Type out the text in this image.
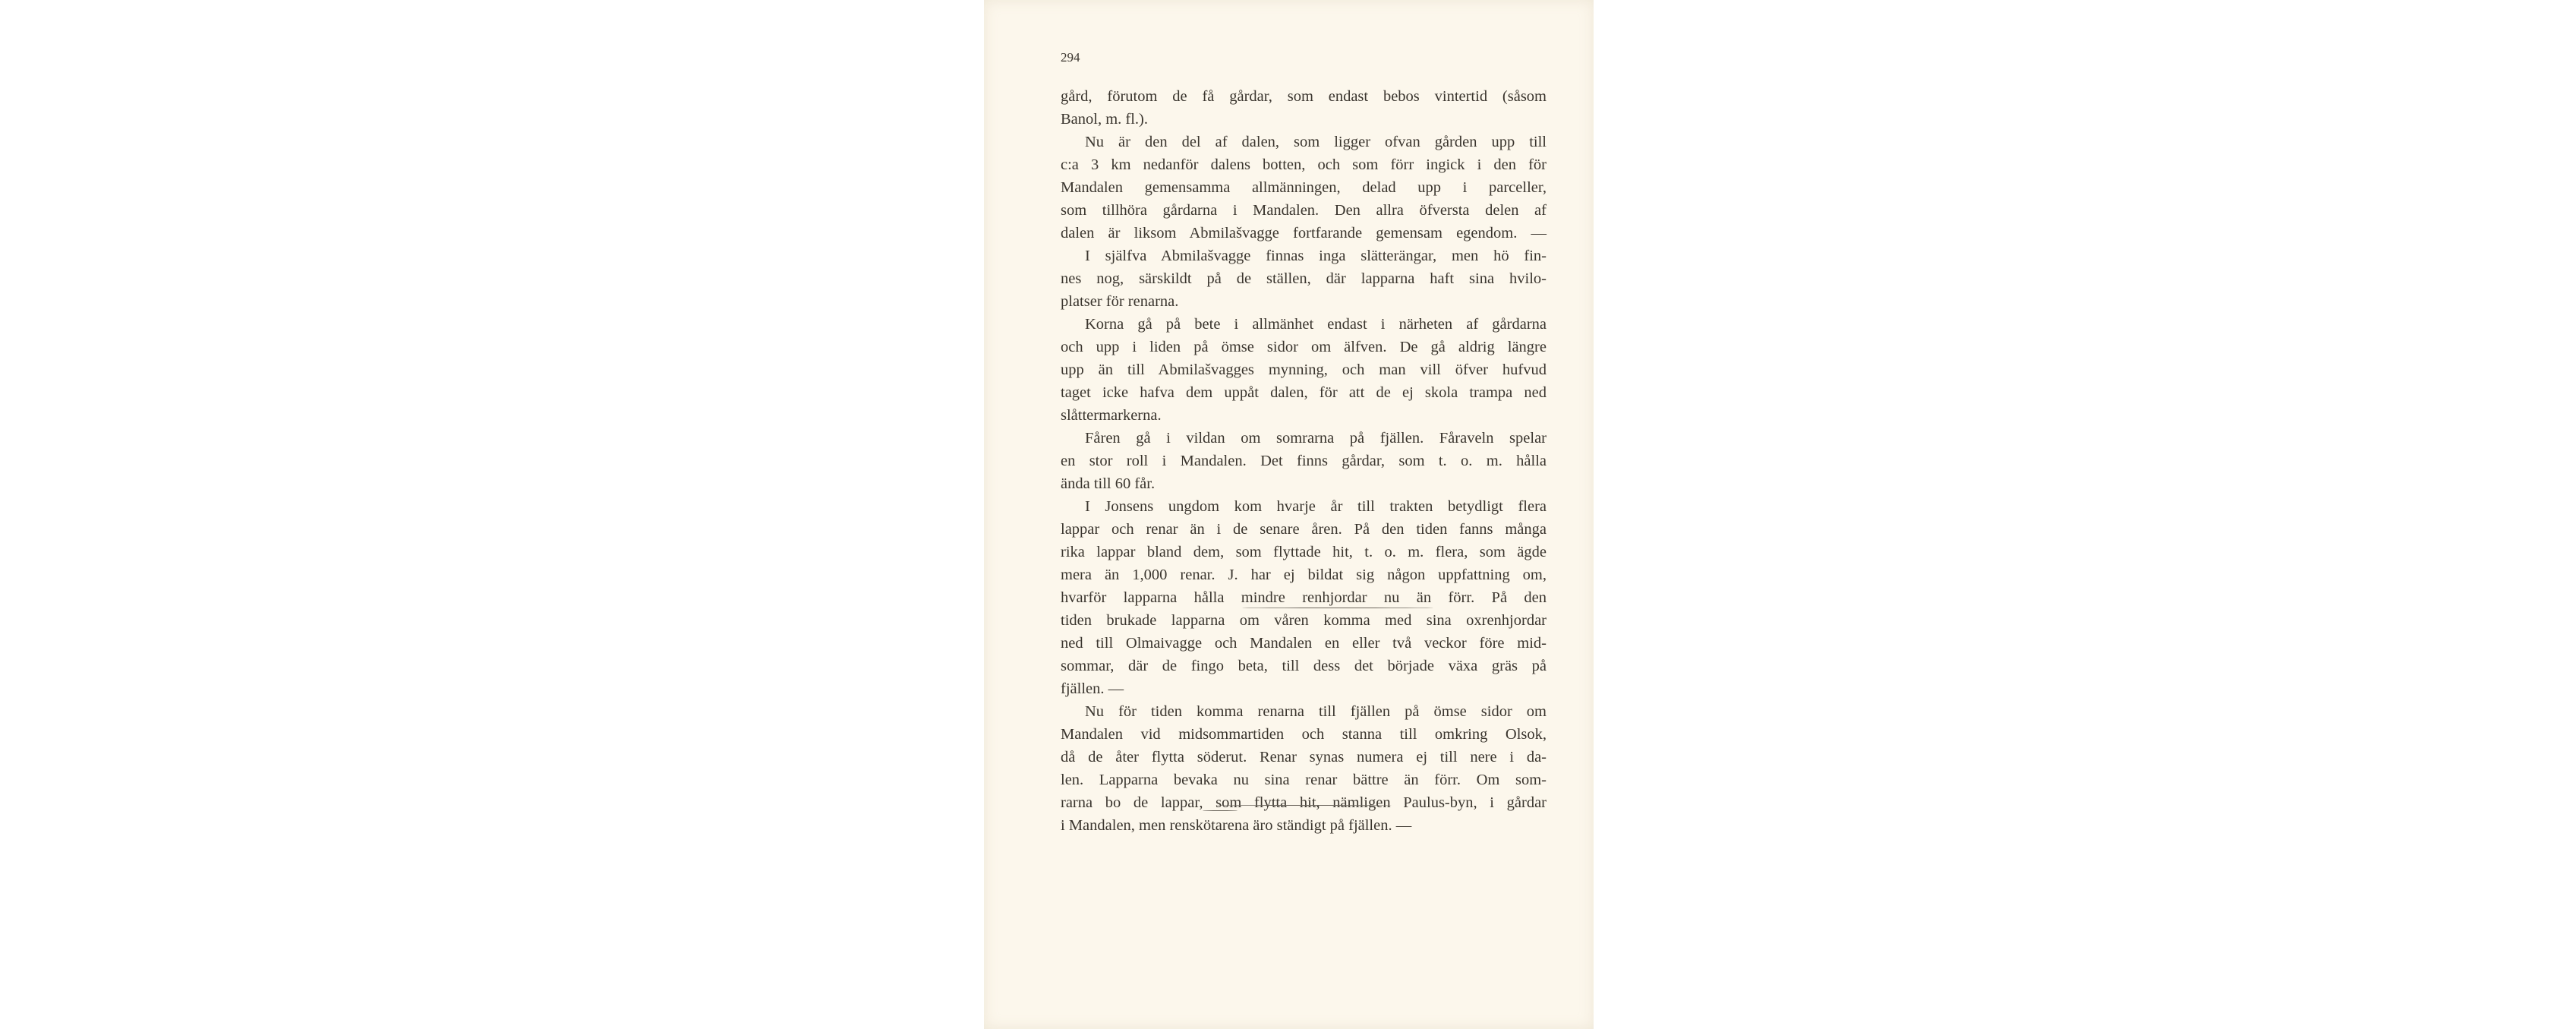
294
gård, förutom de få gårdar, som endast bebos vintertid (såsom
Banol, m. fl.).
Nu är den del af dalen, som ligger ofvan gården upp till
c:a 3 km nedanför dalens botten, och som förr ingick i den för
Mandalen gemensamma allmänningen, delad upp i parceller,
som tillhöra gårdarna i Mandalen. Den allra öfversta delen af
dalen är liksom Abmilašvagge fortfarande gemensam egendom. —
I själfva Abmilašvagge finnas inga slätterängar, men hö fin-
nes nog, särskildt på de ställen, där lapparna haft sina hvilo-
platser för renarna.
Korna gå på bete i allmänhet endast i närheten af gårdarna
och upp i liden på ömse sidor om älfven. De gå aldrig längre
upp än till Abmilašvagges mynning, och man vill öfver hufvud
taget icke hafva dem uppåt dalen, för att de ej skola trampa ned
slåttermarkerna.
Fåren gå i vildan om somrarna på fjällen. Fåraveln spelar
en stor roll i Mandalen. Det finns gårdar, som t. o. m. hålla
ända till 60 får.
I Jonsens ungdom kom hvarje år till trakten betydligt flera
lappar och renar än i de senare åren. På den tiden fanns många
rika lappar bland dem, som flyttade hit, t. o. m. flera, som ägde
mera än 1,000 renar. J. har ej bildat sig någon uppfattning om,
hvarför lapparna hålla mindre renhjordar nu än förr. På den
tiden brukade lapparna om våren komma med sina oxrenhjordar
ned till Olmaivagge och Mandalen en eller två veckor före mid-
sommar, där de fingo beta, till dess det började växa gräs på
fjällen. —
Nu för tiden komma renarna till fjällen på ömse sidor om
Mandalen vid midsommartiden och stanna till omkring Olsok,
då de åter flytta söderut. Renar synas numera ej till nere i da-
len. Lapparna bevaka nu sina renar bättre än förr. Om som-
rarna bo de lappar, som flytta hit, nämligen Paulus-byn, i gårdar
i Mandalen, men renskötarena äro ständigt på fjällen. —
